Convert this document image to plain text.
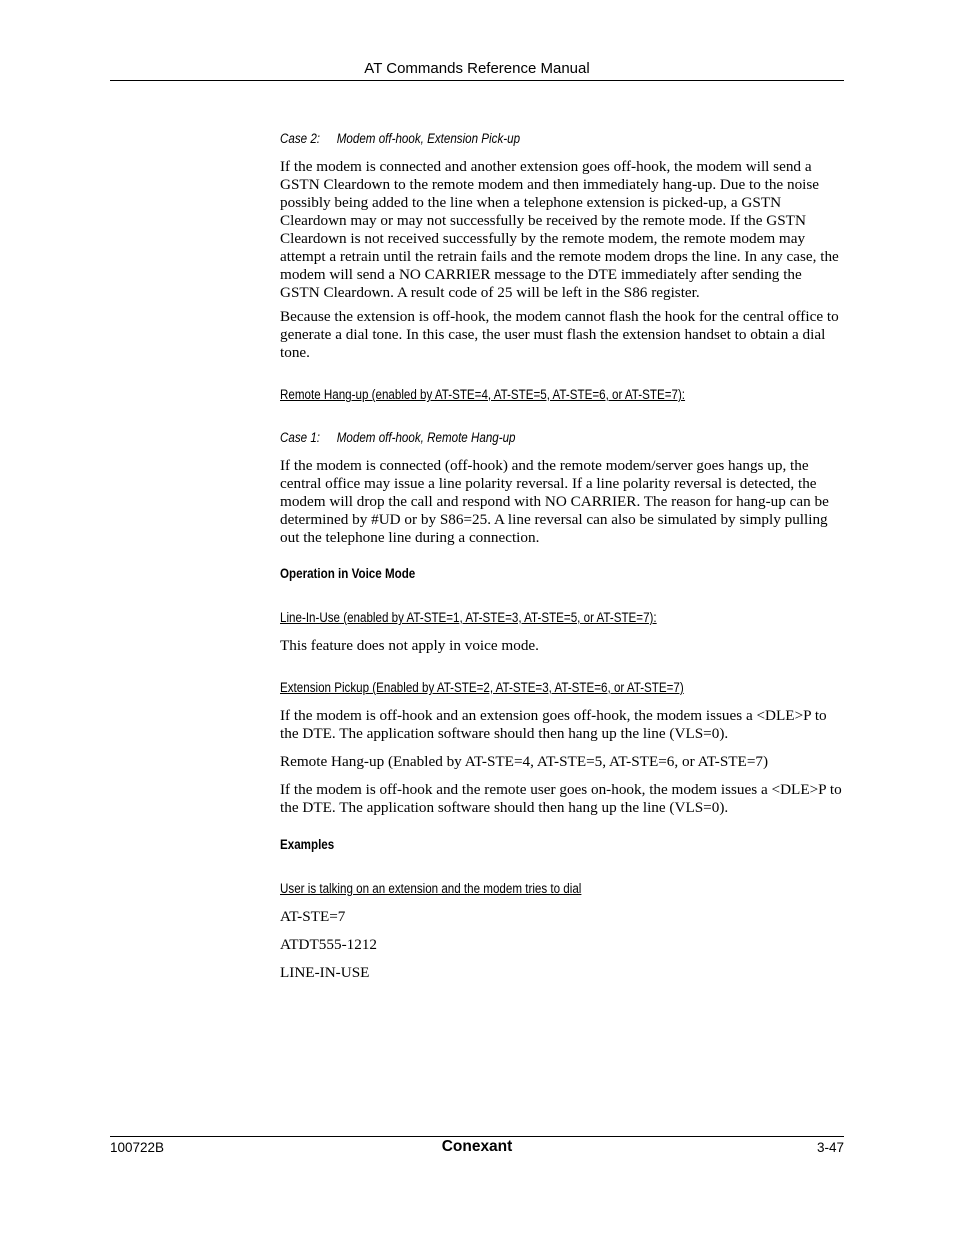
AT Commands Reference Manual
Case 2: Modem off-hook, Extension Pick-up

If the modem is connected and another extension goes off-hook, the modem will send a GSTN Cleardown to the remote modem and then immediately hang-up. Due to the noise possibly being added to the line when a telephone extension is picked-up, a GSTN Cleardown may or may not successfully be received by the remote mode. If the GSTN Cleardown is not received successfully by the remote modem, the remote modem may attempt a retrain until the retrain fails and the remote modem drops the line. In any case, the modem will send a NO CARRIER message to the DTE immediately after sending the GSTN Cleardown. A result code of 25 will be left in the S86 register.

Because the extension is off-hook, the modem cannot flash the hook for the central office to generate a dial tone. In this case, the user must flash the extension handset to obtain a dial tone.

Remote Hang-up (enabled by AT-STE=4, AT-STE=5, AT-STE=6, or AT-STE=7):
Case 1: Modem off-hook, Remote Hang-up

If the modem is connected (off-hook) and the remote modem/server goes hangs up, the central office may issue a line polarity reversal. If a line polarity reversal is detected, the modem will drop the call and respond with NO CARRIER. The reason for hang-up can be determined by #UD or by S86=25. A line reversal can also be simulated by simply pulling out the telephone line during a connection.

Operation in Voice Mode
Line-In-Use (enabled by AT-STE=1, AT-STE=3, AT-STE=5, or AT-STE=7):

This feature does not apply in voice mode.

Extension Pickup (Enabled by AT-STE=2, AT-STE=3, AT-STE=6, or AT-STE=7)

If the modem is off-hook and an extension goes off-hook, the modem issues a <DLE>P to the DTE. The application software should then hang up the line (VLS=0).

Remote Hang-up (Enabled by AT-STE=4, AT-STE=5, AT-STE=6, or AT-STE=7)

If the modem is off-hook and the remote user goes on-hook, the modem issues a <DLE>P to the DTE. The application software should then hang up the line (VLS=0).

Examples
User is talking on an extension and the modem tries to dial

AT-STE=7

ATDT555-1212

LINE-IN-USE

100722B	Conexant	3-47
